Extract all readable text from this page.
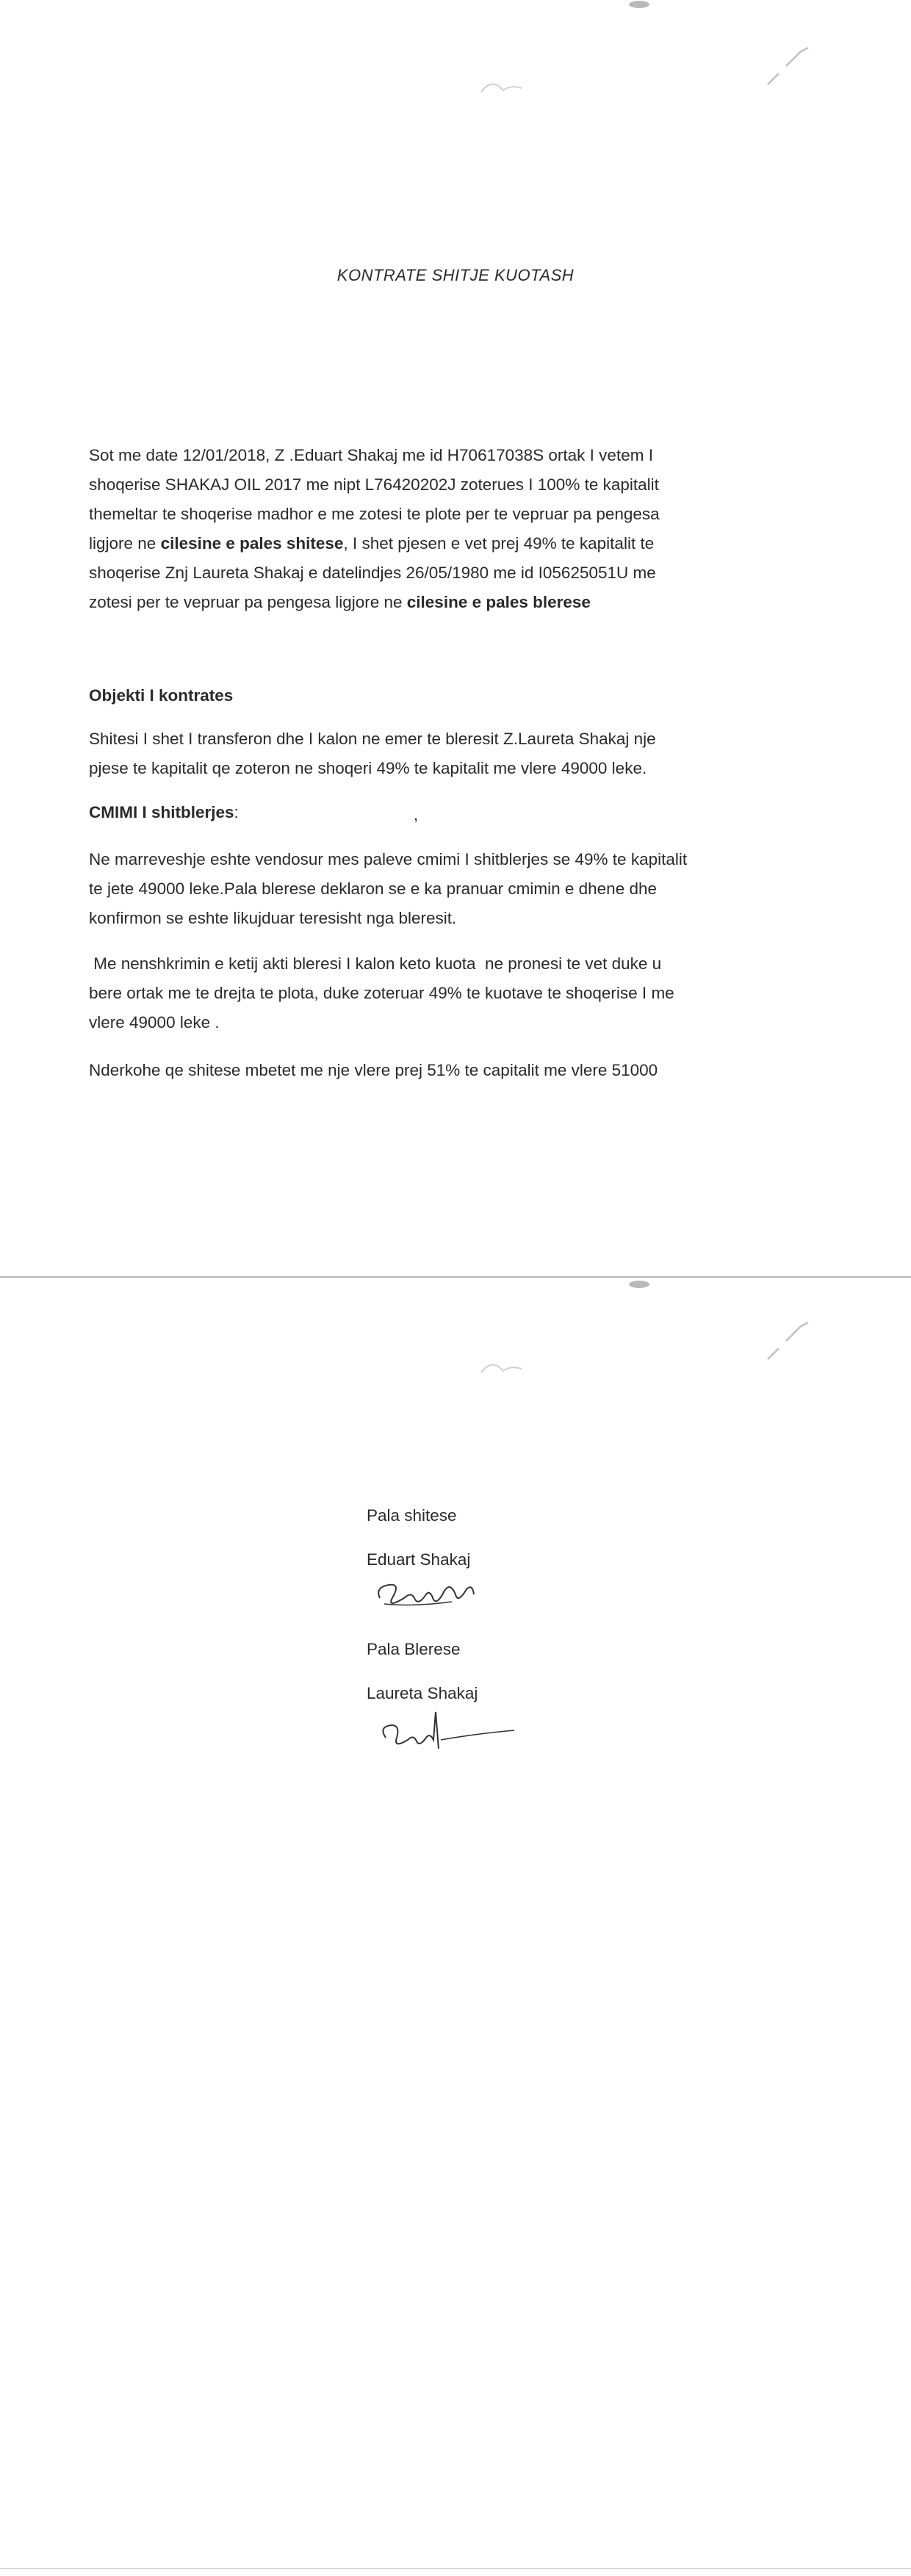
KONTRATE SHITJE KUOTASH
Sot me date 12/01/2018, Z .Eduart Shakaj me id H70617038S ortak I vetem I
shoqerise SHAKAJ OIL 2017 me nipt L76420202J zoterues I 100% te kapitalit
themeltar te shoqerise madhor e me zotesi te plote per te vepruar pa pengesa
ligjore ne cilesine e pales shitese, I shet pjesen e vet prej 49% te kapitalit te
shoqerise Znj Laureta Shakaj e datelindjes 26/05/1980 me id I05625051U me
zotesi per te vepruar pa pengesa ligjore ne cilesine e pales blerese
Objekti I kontrates
Shitesi I shet I transferon dhe I kalon ne emer te bleresit Z.Laureta Shakaj nje
pjese te kapitalit qe zoteron ne shoqeri 49% te kapitalit me vlere 49000 leke.
CMIMI I shitblerjes:	,
Ne marreveshje eshte vendosur mes paleve cmimi I shitblerjes se 49% te kapitalit
te jete 49000 leke.Pala blerese deklaron se e ka pranuar cmimin e dhene dhe
konfirmon se eshte likujduar teresisht nga bleresit.
Me nenshkrimin e ketij akti bleresi I kalon keto kuota  ne pronesi te vet duke u
bere ortak me te drejta te plota, duke zoteruar 49% te kuotave te shoqerise I me
vlere 49000 leke .
Nderkohe qe shitese mbetet me nje vlere prej 51% te capitalit me vlere 51000
Pala shitese
Eduart Shakaj
Pala Blerese
Laureta Shakaj
